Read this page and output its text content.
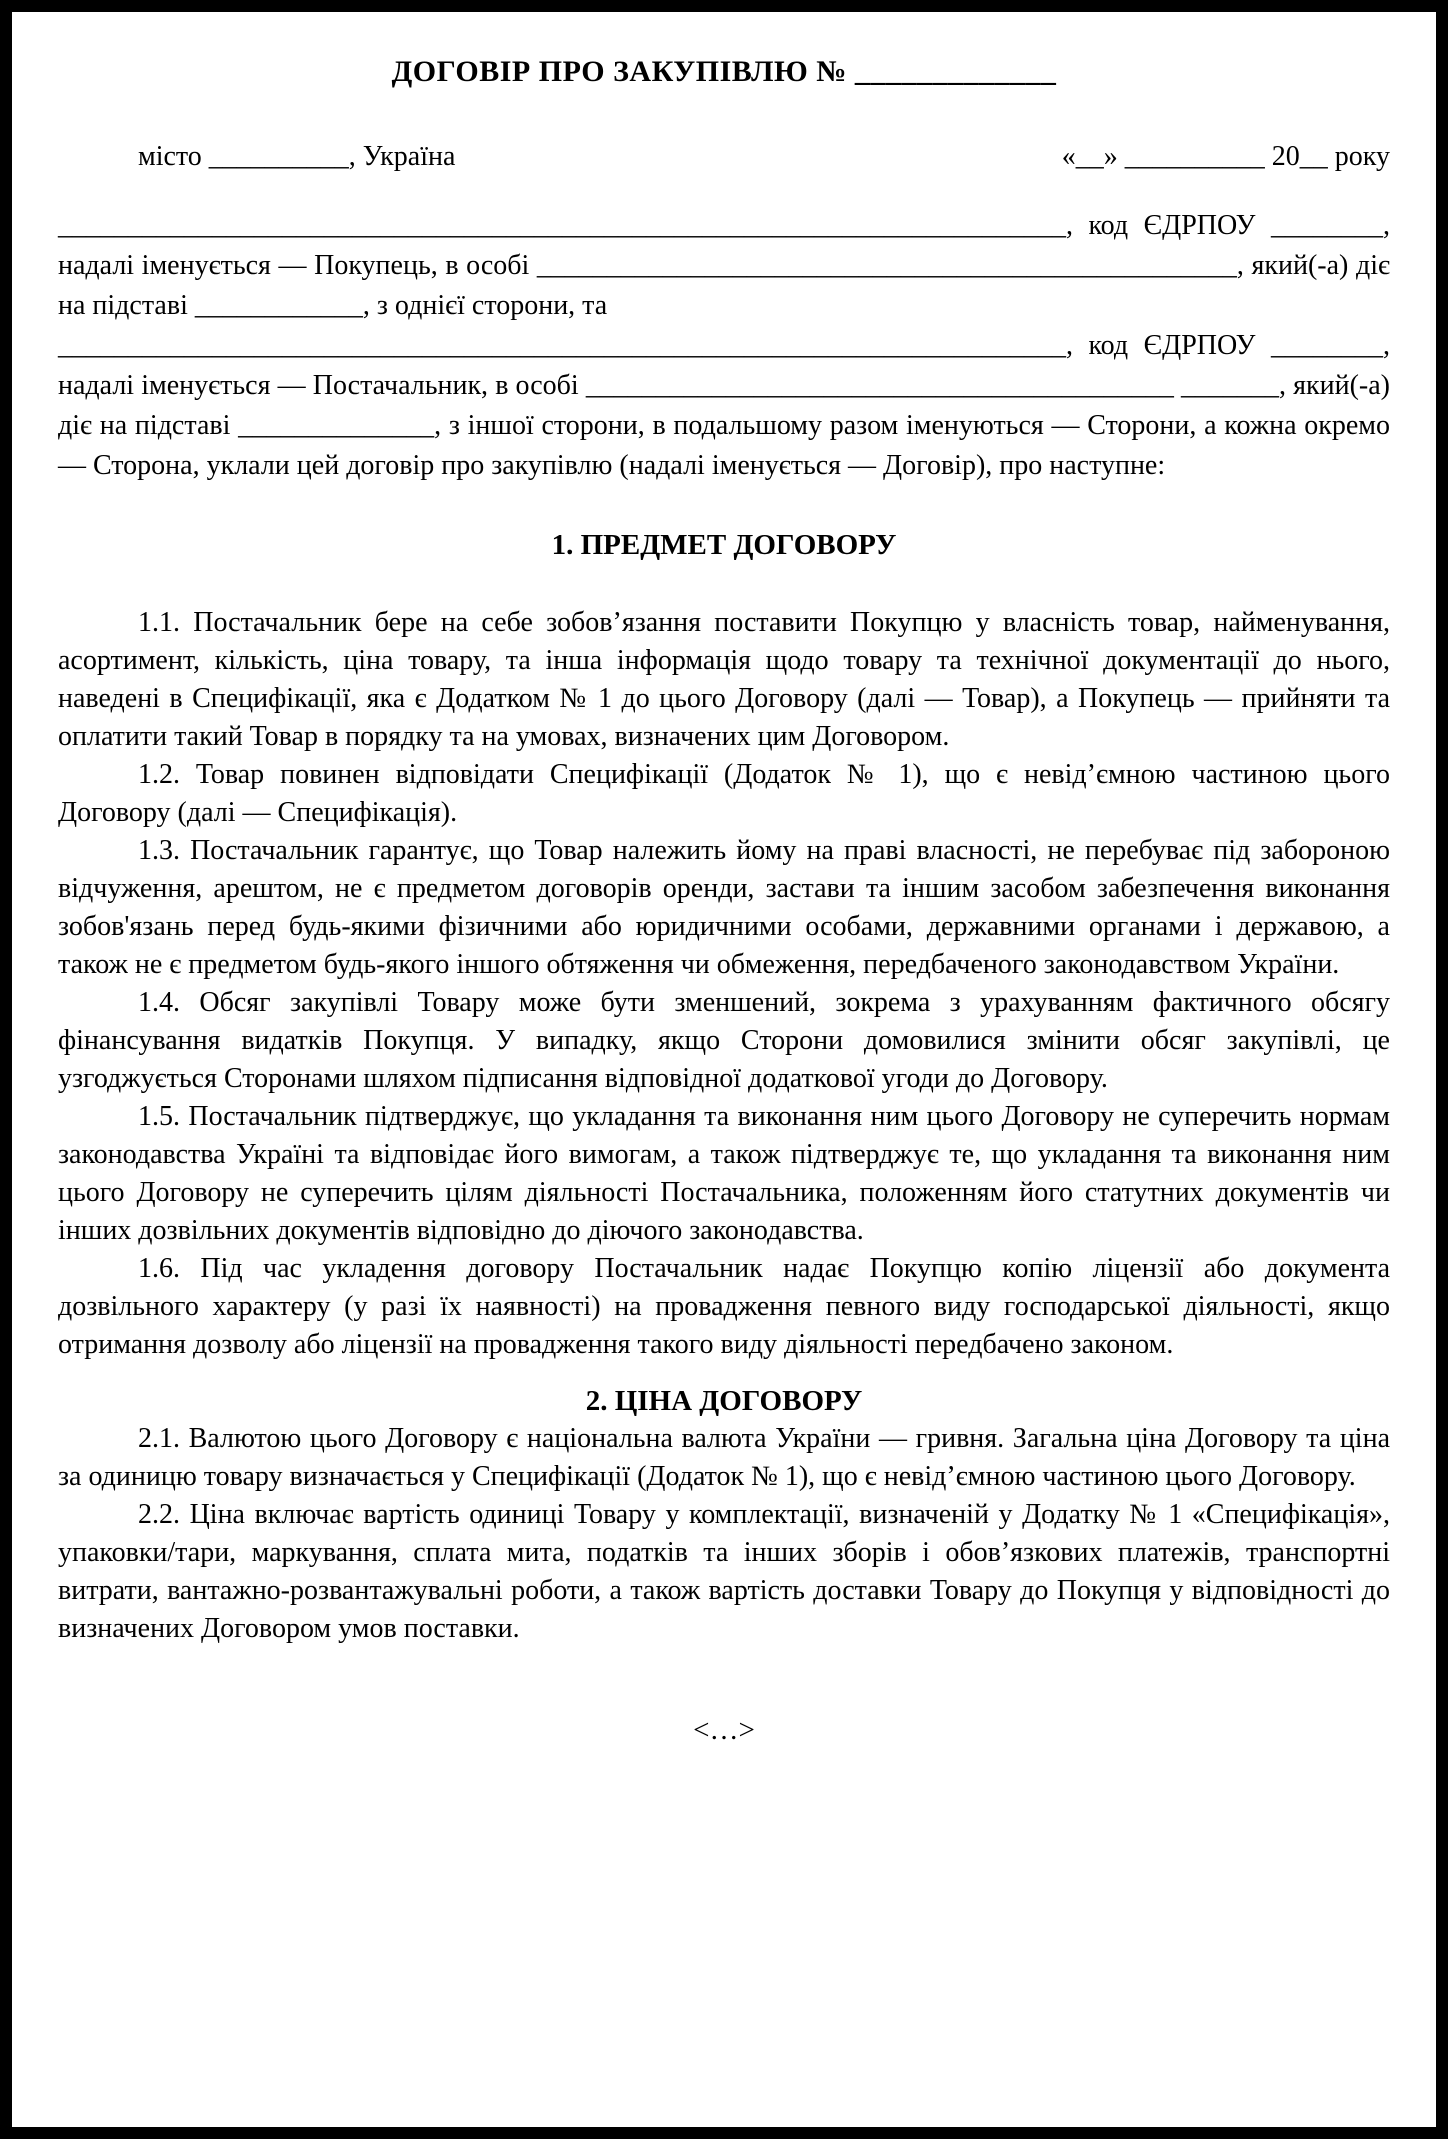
ДОГОВІР ПРО ЗАКУПІВЛЮ № _____________
місто __________, Україна	«__» __________ 20__ року

________________________________________________________________________, код ЄДРПОУ ________, надалі іменується — Покупець, в особі __________________________________________________, який(-а) діє на підставі ____________, з однієї сторони, та

________________________________________________________________________, код ЄДРПОУ ________, надалі іменується — Постачальник, в особі __________________________________________ _______, який(-а) діє на підставі ______________, з іншої сторони, в подальшому разом іменуються — Сторони, а кожна окремо — Сторона, уклали цей договір про закупівлю (надалі іменується — Договір), про наступне:

1. ПРЕДМЕТ ДОГОВОРУ

1.1. Постачальник бере на себе зобов’язання поставити Покупцю у власність товар, найменування, асортимент, кількість, ціна товару, та інша інформація щодо товару та технічної документації до нього, наведені в Специфікації, яка є Додатком № 1 до цього Договору (далі — Товар), а Покупець — прийняти та оплатити такий Товар в порядку та на умовах, визначених цим Договором.

1.2. Товар повинен відповідати Специфікації (Додаток № 1), що є невід’ємною частиною цього Договору (далі — Специфікація).

1.3. Постачальник гарантує, що Товар належить йому на праві власності, не перебуває під забороною відчуження, арештом, не є предметом договорів оренди, застави та іншим засобом забезпечення виконання зобов'язань перед будь-якими фізичними або юридичними особами, державними органами і державою, а також не є предметом будь-якого іншого обтяження чи обмеження, передбаченого законодавством України.

1.4. Обсяг закупівлі Товару може бути зменшений, зокрема з урахуванням фактичного обсягу фінансування видатків Покупця. У випадку, якщо Сторони домовилися змінити обсяг закупівлі, це узгоджується Сторонами шляхом підписання відповідної додаткової угоди до Договору.

1.5. Постачальник підтверджує, що укладання та виконання ним цього Договору не суперечить нормам законодавства Україні та відповідає його вимогам, а також підтверджує те, що укладання та виконання ним цього Договору не суперечить цілям діяльності Постачальника, положенням його статутних документів чи інших дозвільних документів відповідно до діючого законодавства.

1.6. Під час укладення договору Постачальник надає Покупцю копію ліцензії або документа дозвільного характеру (у разі їх наявності) на провадження певного виду господарської діяльності, якщо отримання дозволу або ліцензії на провадження такого виду діяльності передбачено законом.

2. ЦІНА ДОГОВОРУ

2.1. Валютою цього Договору є національна валюта України — гривня. Загальна ціна Договору та ціна за одиницю товару визначається у Специфікації (Додаток № 1), що є невід’ємною частиною цього Договору.

2.2. Ціна включає вартість одиниці Товару у комплектації, визначеній у Додатку № 1 «Специфікація», упаковки/тари, маркування, сплата мита, податків та інших зборів і обов’язкових платежів, транспортні витрати, вантажно-розвантажувальні роботи, а також вартість доставки Товару до Покупця у відповідності до визначених Договором умов поставки.

<…>
